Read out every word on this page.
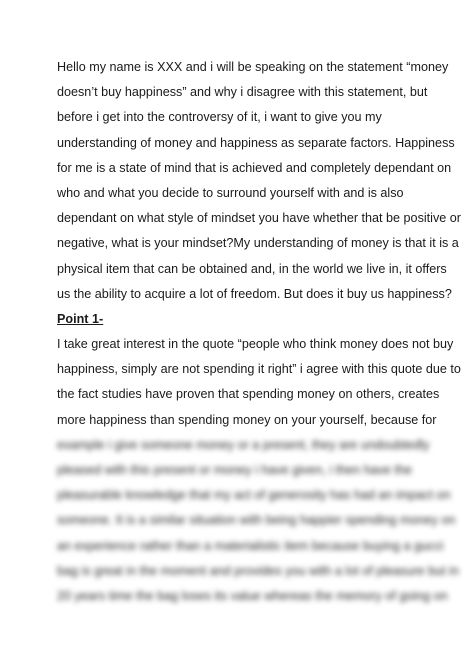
Hello my name is XXX and i will be speaking on the statement “money
doesn’t buy happiness” and why i disagree with this statement, but
before i get into the controversy of it, i want to give you my
understanding of money and happiness as separate factors. Happiness
for me is a state of mind that is achieved and completely dependant on
who and what you decide to surround yourself with and is also
dependant on what style of mindset you have whether that be positive or
negative, what is your mindset?My understanding of money is that it is a
physical item that can be obtained and, in the world we live in, it offers
us the ability to acquire a lot of freedom. But does it buy us happiness?
Point 1-
I take great interest in the quote “people who think money does not buy
happiness, simply are not spending it right” i agree with this quote due to
the fact studies have proven that spending money on others, creates
more happiness than spending money on your yourself, because for
example i give someone money or a present, they are undoubtedly
pleased with this present or money i have given, i then have the
pleasurable knowledge that my act of generosity has had an impact on
someone. It is a similar situation with being happier spending money on
an experience rather than a materialistic item because buying a gucci
bag is great in the moment and provides you with a lot of pleasure but in
20 years time the bag loses its value whereas the memory of going on
